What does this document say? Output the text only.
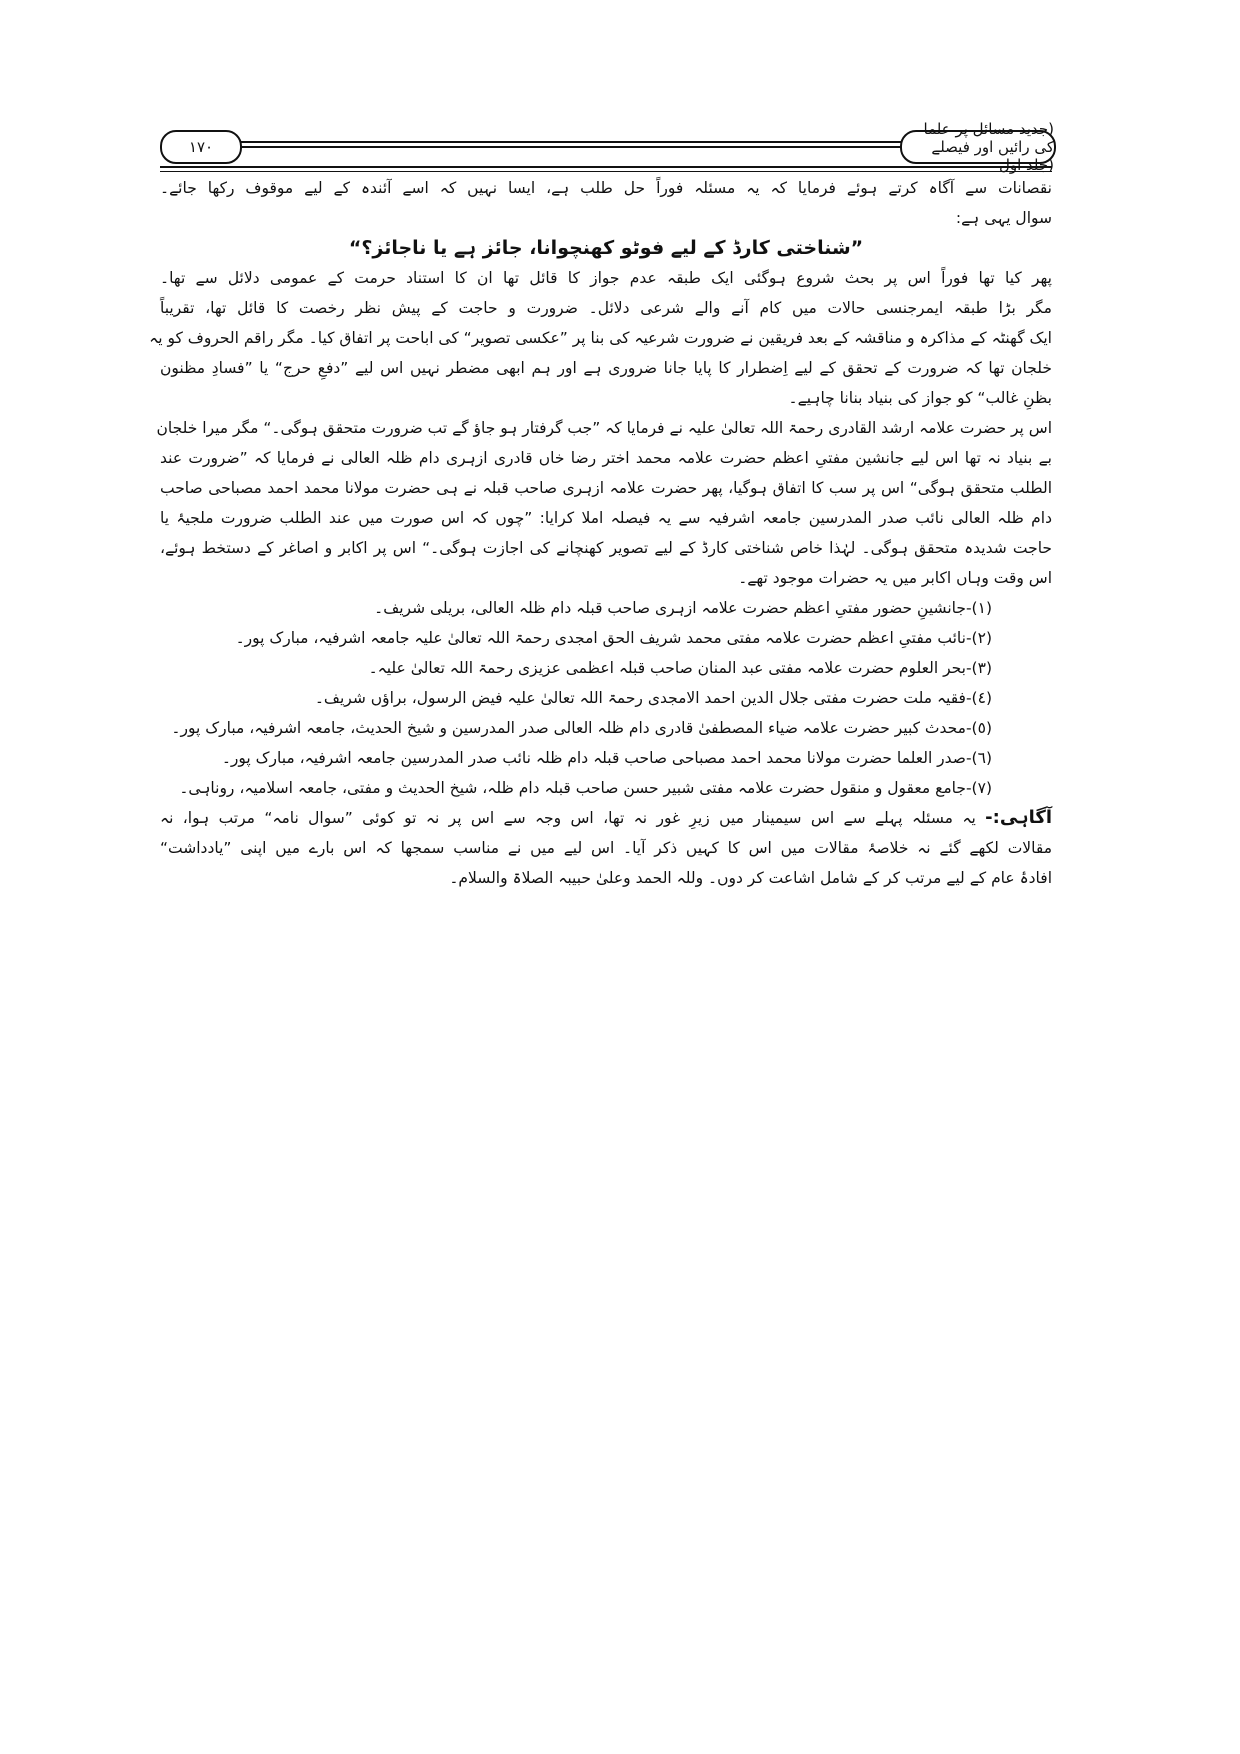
١٧٠
(جدید مسائل پر علما کی رائیں اور فیصلے (جلد اول
نقصانات سے آگاہ کرتے ہوئے فرمایا کہ یہ مسئلہ فوراً حل طلب ہے، ایسا نہیں کہ اسے آئندہ کے لیے موقوف رکھا جائے۔
سوال یہی ہے:
”شناختی کارڈ کے لیے فوٹو کھنچوانا، جائز ہے یا ناجائز؟“
پھر کیا تھا فوراً اس پر بحث شروع ہوگئی ایک طبقہ عدم جواز کا قائل تھا ان کا استناد حرمت کے عمومی دلائل سے تھا۔
مگر بڑا طبقہ ایمرجنسی حالات میں کام آنے والے شرعی دلائل۔ ضرورت و حاجت کے پیش نظر رخصت کا قائل تھا، تقریباً
ایک گھنٹہ کے مذاکرہ و مناقشہ کے بعد فریقین نے ضرورت شرعیہ کی بنا پر ”عکسی تصویر“ کی اباحت پر اتفاق کیا۔ مگر راقم الحروف کو یہ
خلجان تھا کہ ضرورت کے تحقق کے لیے اِضطرار کا پایا جانا ضروری ہے اور ہم ابھی مضطر نہیں اس لیے ”دفعِ حرج“ یا ”فسادِ مظنون
بظنِ غالب“ کو جواز کی بنیاد بنانا چاہیے۔
اس پر حضرت علامہ ارشد القادری رحمۃ اللہ تعالیٰ علیہ نے فرمایا کہ ”جب گرفتار ہو جاؤ گے تب ضرورت متحقق ہوگی۔“ مگر میرا خلجان
بے بنیاد نہ تھا اس لیے جانشین مفتیِ اعظم حضرت علامہ محمد اختر رضا خاں قادری ازہری دام ظلہ العالی نے فرمایا کہ ”ضرورت عند
الطلب متحقق ہوگی“ اس پر سب کا اتفاق ہوگیا، پھر حضرت علامہ ازہری صاحب قبلہ نے ہی حضرت مولانا محمد احمد مصباحی صاحب
دام ظلہ العالی نائب صدر المدرسین جامعہ اشرفیہ سے یہ فیصلہ املا کرایا: ”چوں کہ اس صورت میں عند الطلب ضرورت ملجیۂ یا
حاجت شدیدہ متحقق ہوگی۔ لہٰذا خاص شناختی کارڈ کے لیے تصویر کھنچانے کی اجازت ہوگی۔“ اس پر اکابر و اصاغر کے دستخط ہوئے،
اس وقت وہاں اکابر میں یہ حضرات موجود تھے۔
(١)-جانشینِ حضور مفتیِ اعظم حضرت علامہ ازہری صاحب قبلہ دام ظلہ العالی، بریلی شریف۔
(٢)-نائب مفتیِ اعظم حضرت علامہ مفتی محمد شریف الحق امجدی رحمۃ اللہ تعالیٰ علیہ جامعہ اشرفیہ، مبارک پور۔
(٣)-بحر العلوم حضرت علامہ مفتی عبد المنان صاحب قبلہ اعظمی عزیزی رحمۃ اللہ تعالیٰ علیہ۔
(٤)-فقیہ ملت حضرت مفتی جلال الدین احمد الامجدی رحمۃ اللہ تعالیٰ علیہ فیض الرسول، براؤں شریف۔
(٥)-محدث کبیر حضرت علامہ ضیاء المصطفیٰ قادری دام ظلہ العالی صدر المدرسین و شیخ الحدیث، جامعہ اشرفیہ، مبارک پور۔
(٦)-صدر العلما حضرت مولانا محمد احمد مصباحی صاحب قبلہ دام ظلہ نائب صدر المدرسین جامعہ اشرفیہ، مبارک پور۔
(٧)-جامع معقول و منقول حضرت علامہ مفتی شبیر حسن صاحب قبلہ دام ظلہ، شیخ الحدیث و مفتی، جامعہ اسلامیہ، روناہی۔
آگاہی:- یہ مسئلہ پہلے سے اس سیمینار میں زیرِ غور نہ تھا، اس وجہ سے اس پر نہ تو کوئی ”سوال نامہ“ مرتب ہوا، نہ
مقالات لکھے گئے نہ خلاصۂ مقالات میں اس کا کہیں ذکر آیا۔ اس لیے میں نے مناسب سمجھا کہ اس بارے میں اپنی ”یادداشت“
افادۂ عام کے لیے مرتب کر کے شامل اشاعت کر دوں۔ وللہ الحمد وعلیٰ حبیبہ الصلاۃ والسلام۔
